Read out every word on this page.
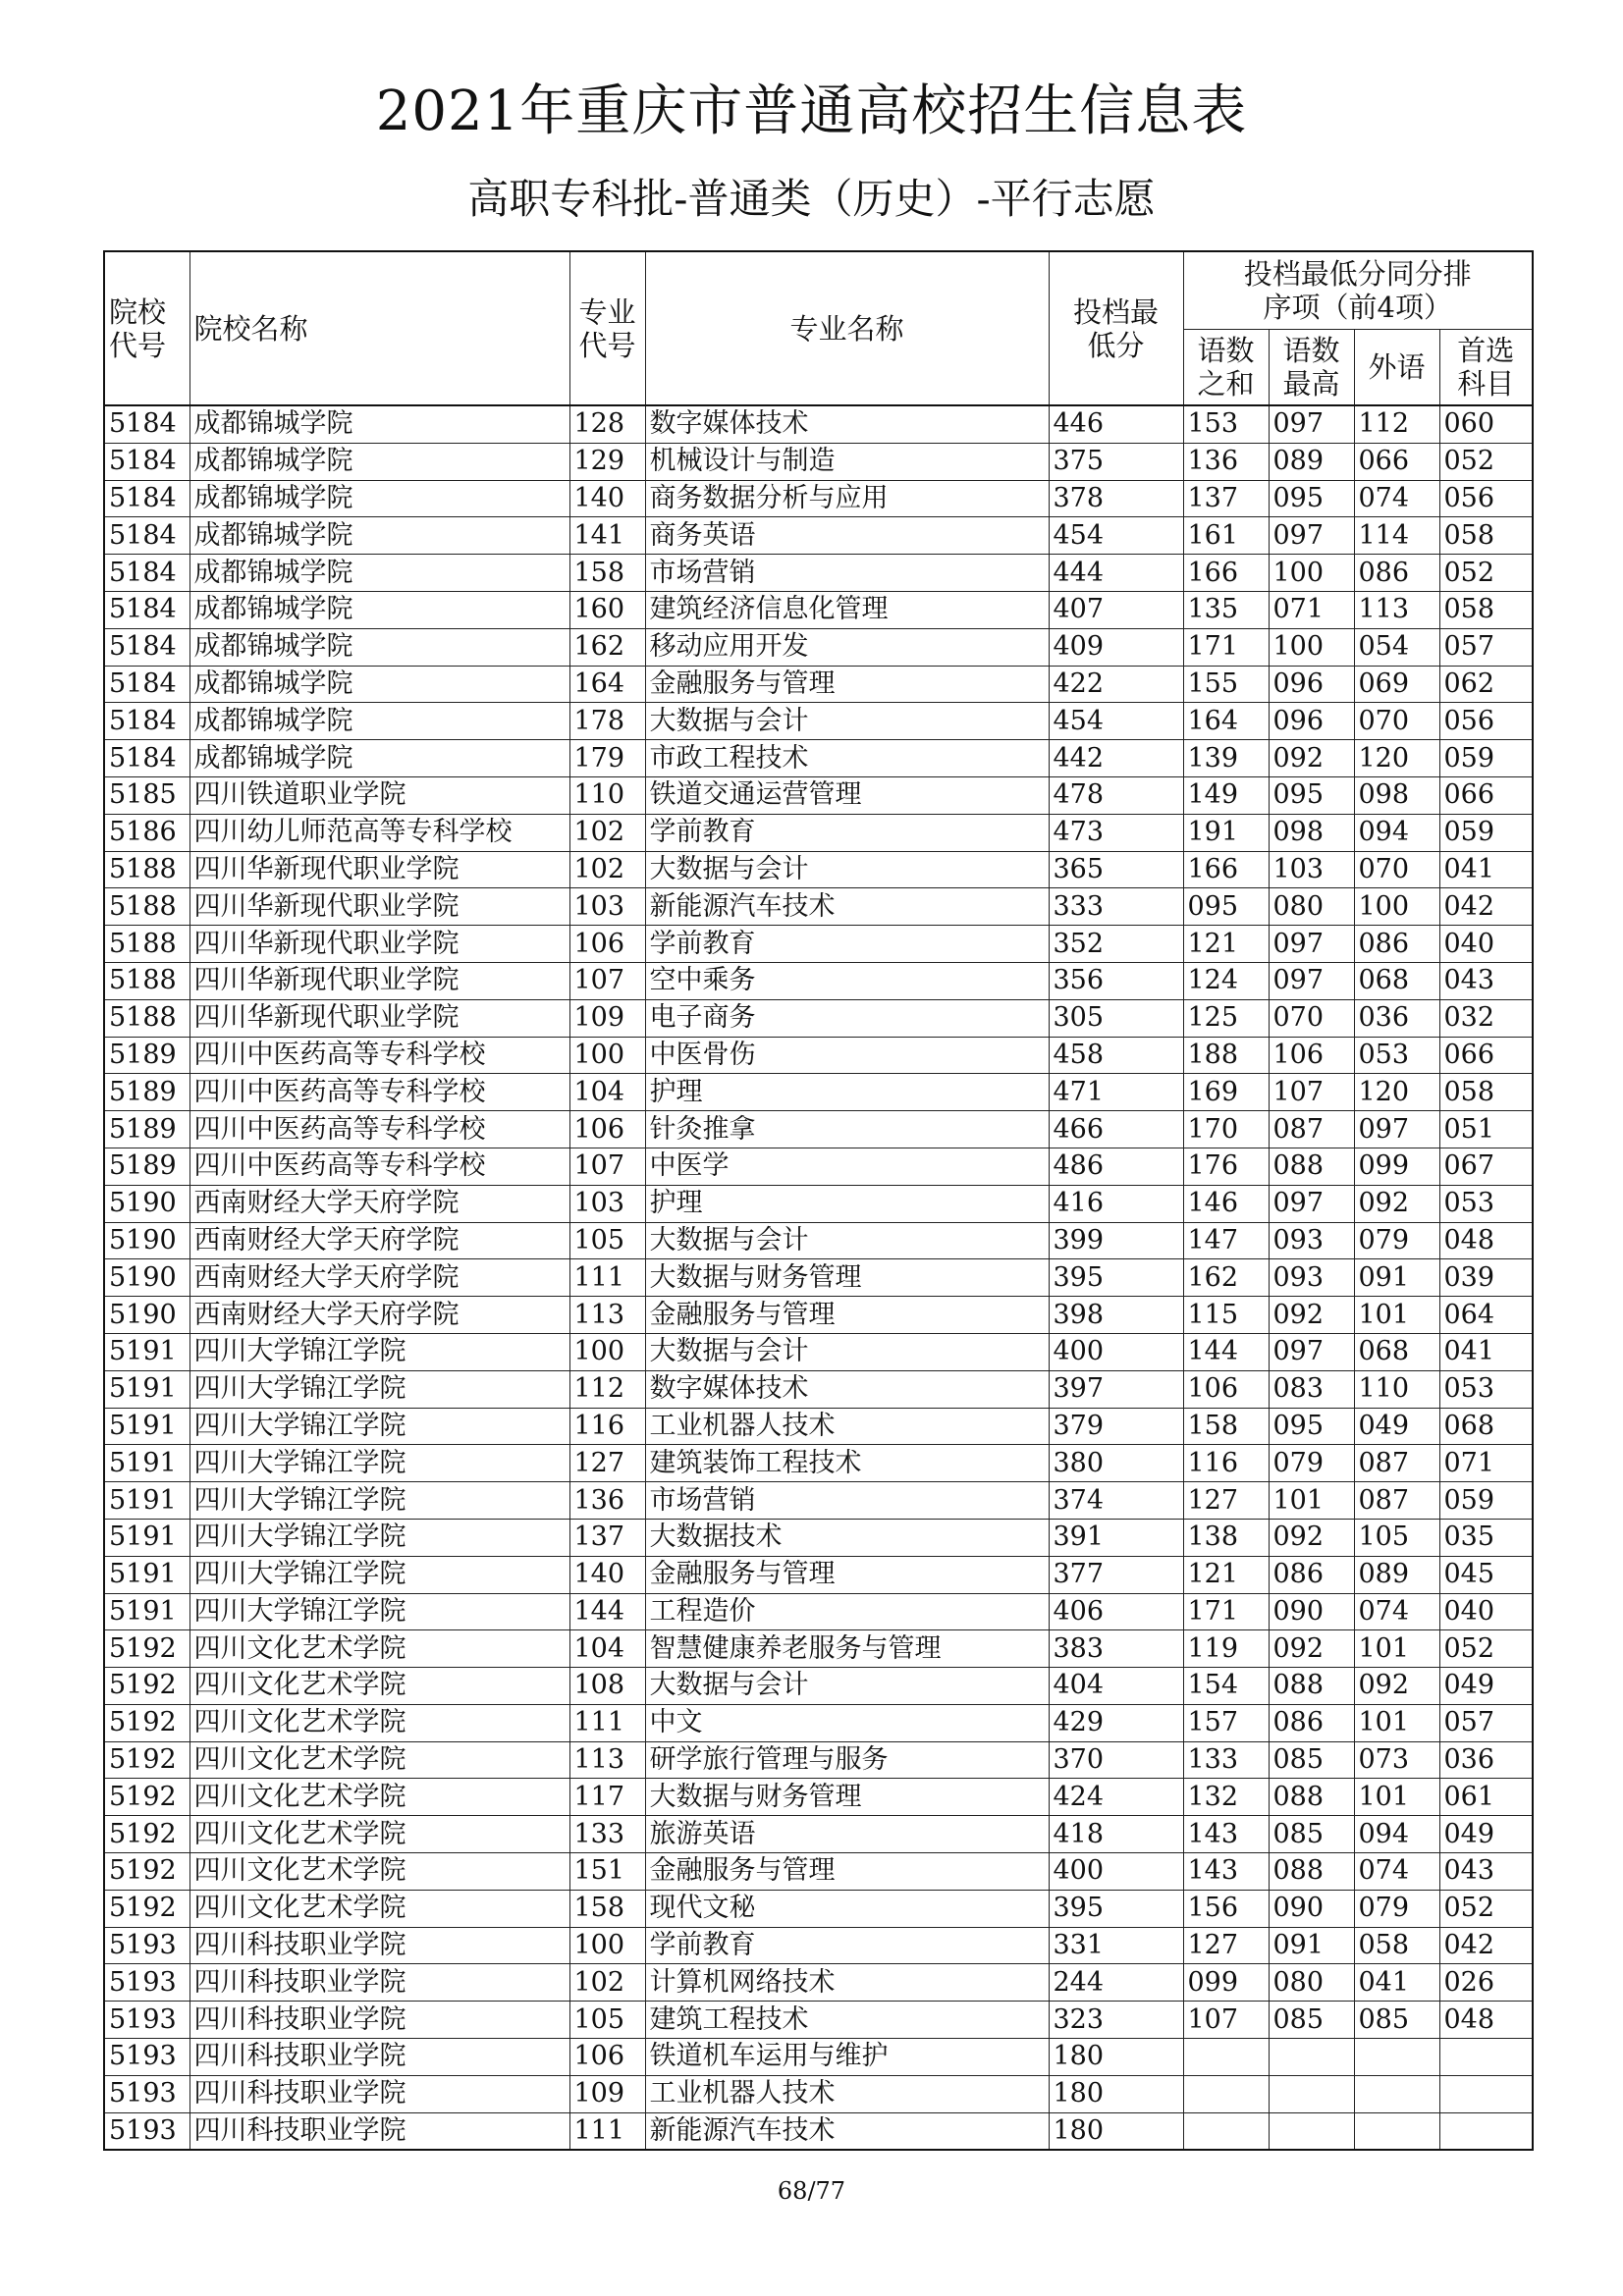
2021年重庆市普通高校招生信息表
高职专科批-普通类（历史）-平行志愿
院校代号	院校名称	专业代号	专业名称	投档最低分	投档最低分同分排序项（前4项）			

					语数之和	语数最高	外语	首选科目

5184	成都锦城学院	128	数字媒体技术	446	153	097	112	060
5184	成都锦城学院	129	机械设计与制造	375	136	089	066	052
5184	成都锦城学院	140	商务数据分析与应用	378	137	095	074	056
5184	成都锦城学院	141	商务英语	454	161	097	114	058
5184	成都锦城学院	158	市场营销	444	166	100	086	052
5184	成都锦城学院	160	建筑经济信息化管理	407	135	071	113	058
5184	成都锦城学院	162	移动应用开发	409	171	100	054	057
5184	成都锦城学院	164	金融服务与管理	422	155	096	069	062
5184	成都锦城学院	178	大数据与会计	454	164	096	070	056
5184	成都锦城学院	179	市政工程技术	442	139	092	120	059
5185	四川铁道职业学院	110	铁道交通运营管理	478	149	095	098	066
5186	四川幼儿师范高等专科学校	102	学前教育	473	191	098	094	059
5188	四川华新现代职业学院	102	大数据与会计	365	166	103	070	041
5188	四川华新现代职业学院	103	新能源汽车技术	333	095	080	100	042
5188	四川华新现代职业学院	106	学前教育	352	121	097	086	040
5188	四川华新现代职业学院	107	空中乘务	356	124	097	068	043
5188	四川华新现代职业学院	109	电子商务	305	125	070	036	032
5189	四川中医药高等专科学校	100	中医骨伤	458	188	106	053	066
5189	四川中医药高等专科学校	104	护理	471	169	107	120	058
5189	四川中医药高等专科学校	106	针灸推拿	466	170	087	097	051
5189	四川中医药高等专科学校	107	中医学	486	176	088	099	067
5190	西南财经大学天府学院	103	护理	416	146	097	092	053
5190	西南财经大学天府学院	105	大数据与会计	399	147	093	079	048
5190	西南财经大学天府学院	111	大数据与财务管理	395	162	093	091	039
5190	西南财经大学天府学院	113	金融服务与管理	398	115	092	101	064
5191	四川大学锦江学院	100	大数据与会计	400	144	097	068	041
5191	四川大学锦江学院	112	数字媒体技术	397	106	083	110	053
5191	四川大学锦江学院	116	工业机器人技术	379	158	095	049	068
5191	四川大学锦江学院	127	建筑装饰工程技术	380	116	079	087	071
5191	四川大学锦江学院	136	市场营销	374	127	101	087	059
5191	四川大学锦江学院	137	大数据技术	391	138	092	105	035
5191	四川大学锦江学院	140	金融服务与管理	377	121	086	089	045
5191	四川大学锦江学院	144	工程造价	406	171	090	074	040
5192	四川文化艺术学院	104	智慧健康养老服务与管理	383	119	092	101	052
5192	四川文化艺术学院	108	大数据与会计	404	154	088	092	049
5192	四川文化艺术学院	111	中文	429	157	086	101	057
5192	四川文化艺术学院	113	研学旅行管理与服务	370	133	085	073	036
5192	四川文化艺术学院	117	大数据与财务管理	424	132	088	101	061
5192	四川文化艺术学院	133	旅游英语	418	143	085	094	049
5192	四川文化艺术学院	151	金融服务与管理	400	143	088	074	043
5192	四川文化艺术学院	158	现代文秘	395	156	090	079	052
5193	四川科技职业学院	100	学前教育	331	127	091	058	042
5193	四川科技职业学院	102	计算机网络技术	244	099	080	041	026
5193	四川科技职业学院	105	建筑工程技术	323	107	085	085	048
5193	四川科技职业学院	106	铁道机车运用与维护	180				
5193	四川科技职业学院	109	工业机器人技术	180				
5193	四川科技职业学院	111	新能源汽车技术	180				
68/77
